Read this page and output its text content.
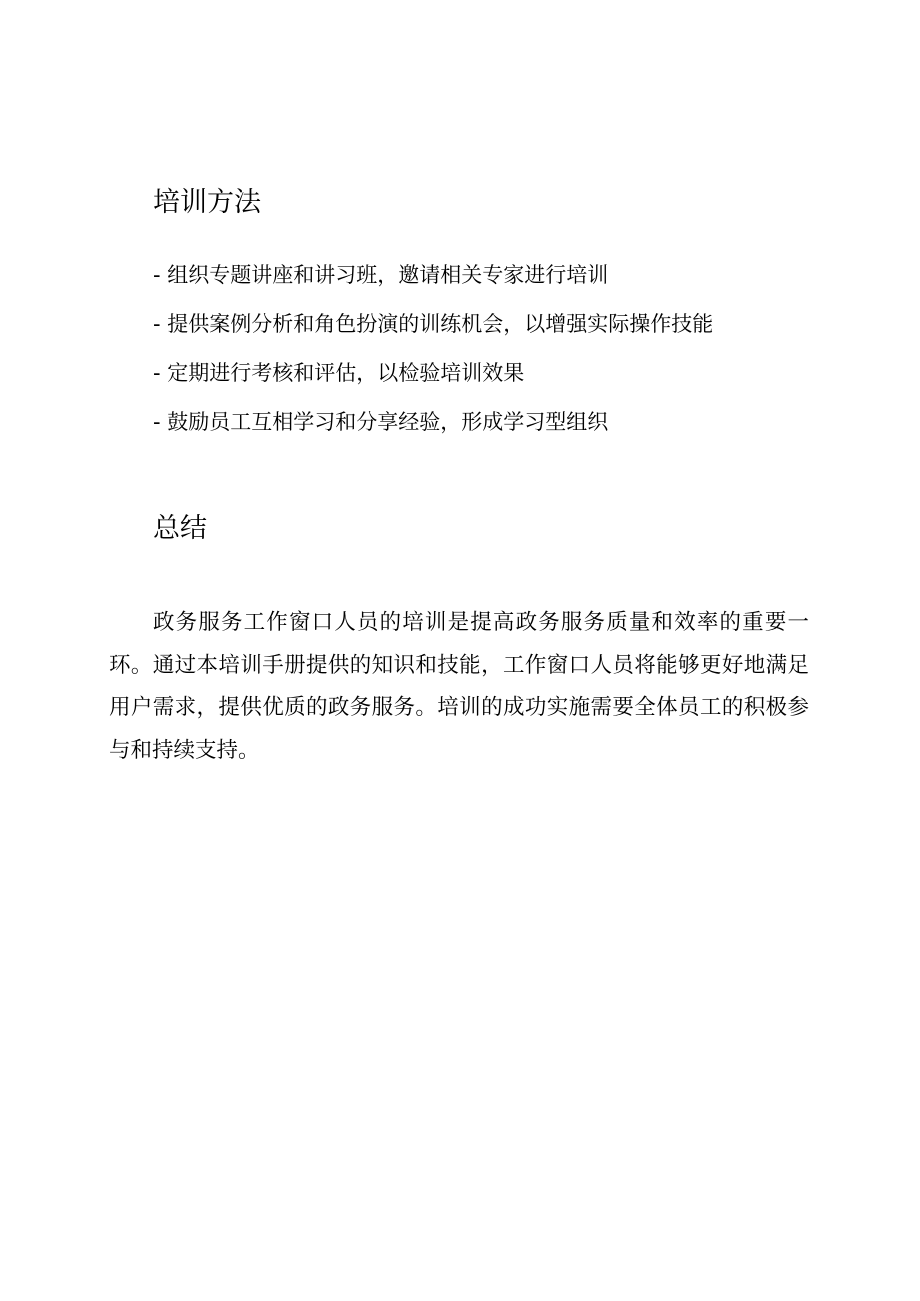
培训方法
- 组织专题讲座和讲习班，邀请相关专家进行培训
- 提供案例分析和角色扮演的训练机会，以增强实际操作技能
- 定期进行考核和评估，以检验培训效果
- 鼓励员工互相学习和分享经验，形成学习型组织
总结

政务服务工作窗口人员的培训是提高政务服务质量和效率的重要一环。通过本培训手册提供的知识和技能，工作窗口人员将能够更好地满足用户需求，提供优质的政务服务。培训的成功实施需要全体员工的积极参与和持续支持。
